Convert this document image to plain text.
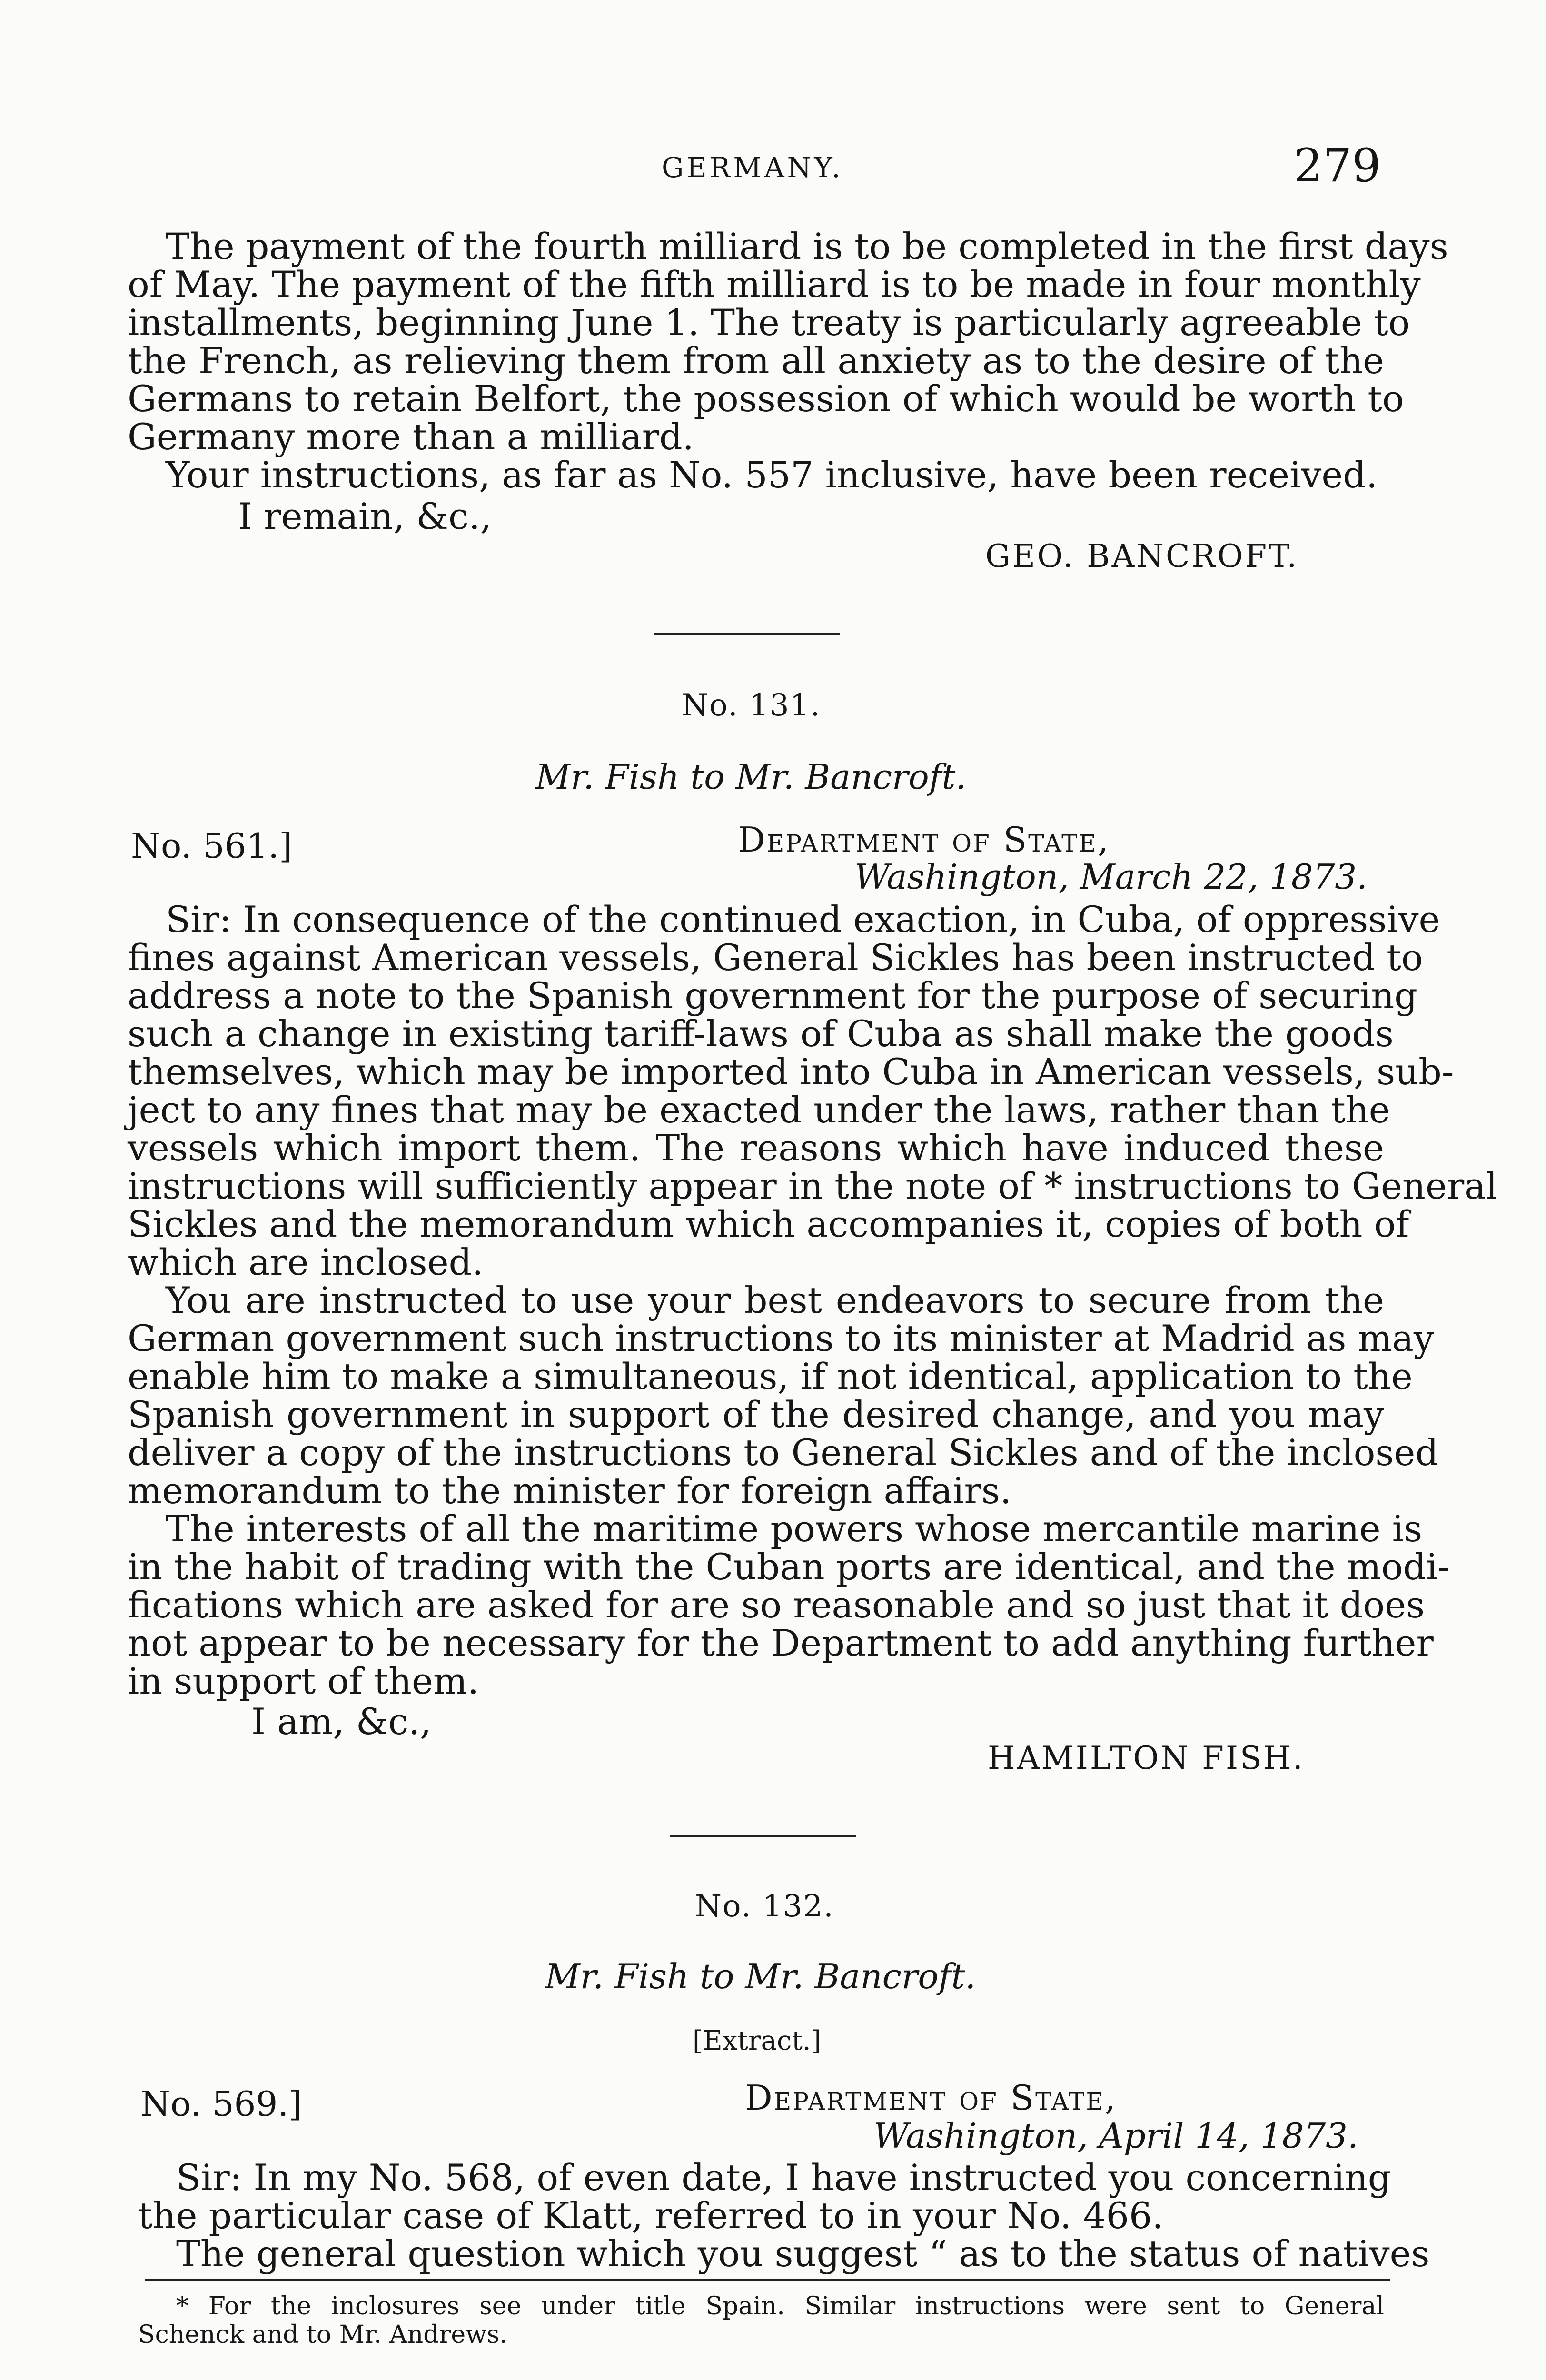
GERMANY.	279
The payment of the fourth milliard is to be completed in the first days
of May. The payment of the fifth milliard is to be made in four monthly
installments, beginning June 1. The treaty is particularly agreeable to
the French, as relieving them from all anxiety as to the desire of the
Germans to retain Belfort, the possession of which would be worth to
Germany more than a milliard.
Your instructions, as far as No. 557 inclusive, have been received.
I remain, &c.,
GEO. BANCROFT.
No. 131.
Mr. Fish to Mr. Bancroft.
No. 561.]	Department of State,
Washington, March 22, 1873.
Sir: In consequence of the continued exaction, in Cuba, of oppressive
fines against American vessels, General Sickles has been instructed to
address a note to the Spanish government for the purpose of securing
such a change in existing tariff-laws of Cuba as shall make the goods
themselves, which may be imported into Cuba in American vessels, sub-
ject to any fines that may be exacted under the laws, rather than the
vessels which import them. The reasons which have induced these
instructions will sufficiently appear in the note of * instructions to General
Sickles and the memorandum which accompanies it, copies of both of
which are inclosed.
You are instructed to use your best endeavors to secure from the
German government such instructions to its minister at Madrid as may
enable him to make a simultaneous, if not identical, application to the
Spanish government in support of the desired change, and you may
deliver a copy of the instructions to General Sickles and of the inclosed
memorandum to the minister for foreign affairs.
The interests of all the maritime powers whose mercantile marine is
in the habit of trading with the Cuban ports are identical, and the modi-
fications which are asked for are so reasonable and so just that it does
not appear to be necessary for the Department to add anything further
in support of them.
I am, &c.,
HAMILTON FISH.
No. 132.
Mr. Fish to Mr. Bancroft.
[Extract.]
No. 569.]	Department of State,
Washington, April 14, 1873.
Sir: In my No. 568, of even date, I have instructed you concerning
the particular case of Klatt, referred to in your No. 466.
The general question which you suggest “ as to the status of natives
* For the inclosures see under title Spain. Similar instructions were sent to General
Schenck and to Mr. Andrews.
